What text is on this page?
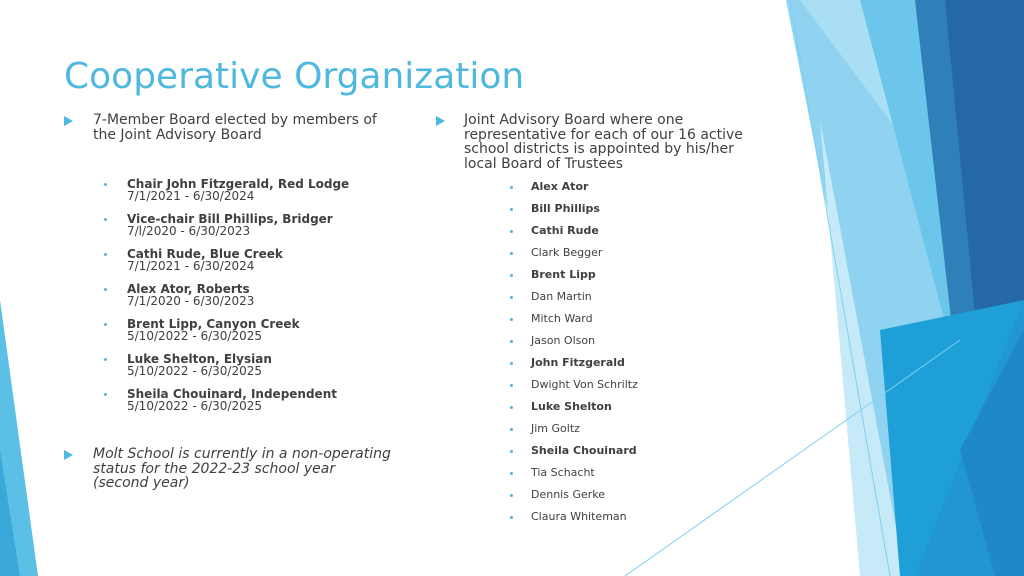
Cooperative Organization
7-Member Board elected by members of the Joint Advisory Board
Chair John Fitzgerald, Red Lodge
7/1/2021 - 6/30/2024
Vice-chair Bill Phillips, Bridger
7/l/2020 - 6/30/2023
Cathi Rude, Blue Creek
7/1/2021 - 6/30/2024
Alex Ator, Roberts
7/1/2020 - 6/30/2023
Brent Lipp, Canyon Creek
5/10/2022 - 6/30/2025
Luke Shelton, Elysian
5/10/2022 - 6/30/2025
Sheila Chouinard, Independent
5/10/2022 - 6/30/2025
Molt School is currently in a non-operating status for the 2022-23 school year (second year)
Joint Advisory Board where one representative for each of our 16 active school districts is appointed by his/her local Board of Trustees
Alex Ator
Bill Phillips
Cathi Rude
Clark Begger
Brent Lipp
Dan Martin
Mitch Ward
Jason Olson
John Fitzgerald
Dwight Von Schriltz
Luke Shelton
Jim Goltz
Sheila Chouinard
Tia Schacht
Dennis Gerke
Claura Whiteman
